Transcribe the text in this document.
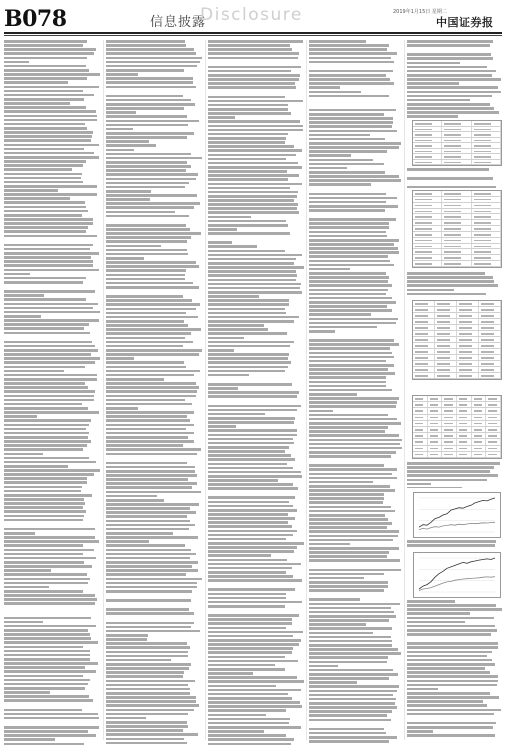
B078	信息披露
Disclosure	2019年1月15日 星期二
中国证券报
